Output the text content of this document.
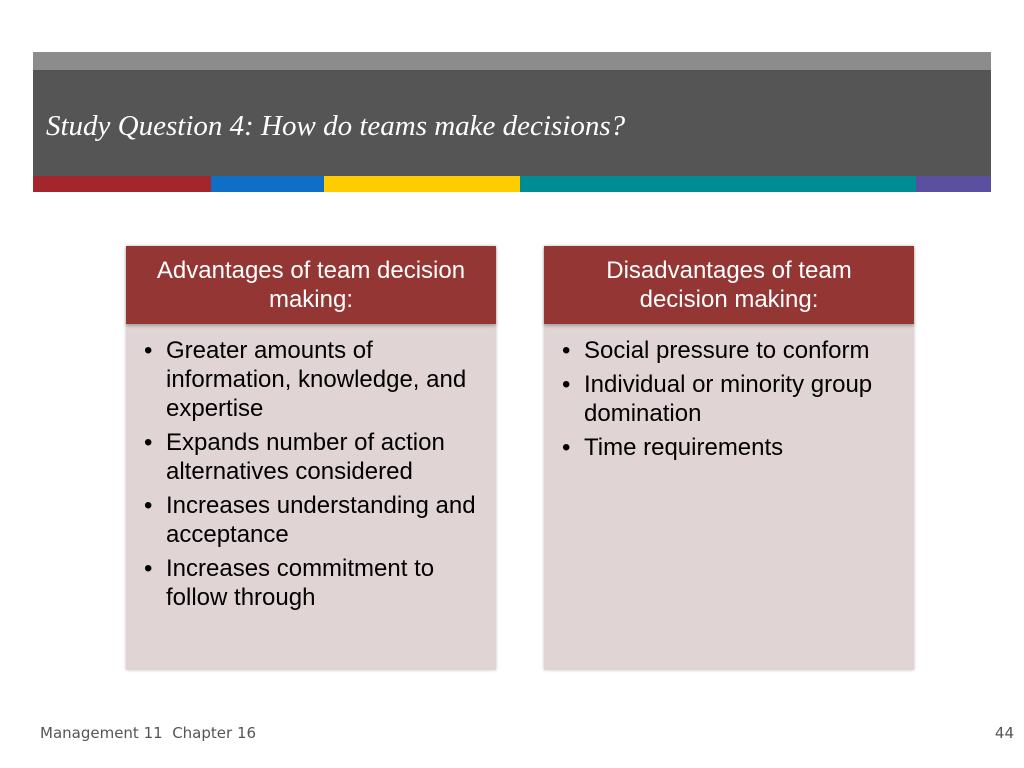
Study Question 4: How do teams make decisions?
Advantages of team decision making:
• Greater amounts of information, knowledge, and expertise
• Expands number of action alternatives considered
• Increases understanding and acceptance
• Increases commitment to follow through
Disadvantages of team decision making:
• Social pressure to conform
• Individual or minority group domination
• Time requirements
Management 11  Chapter 16	44
